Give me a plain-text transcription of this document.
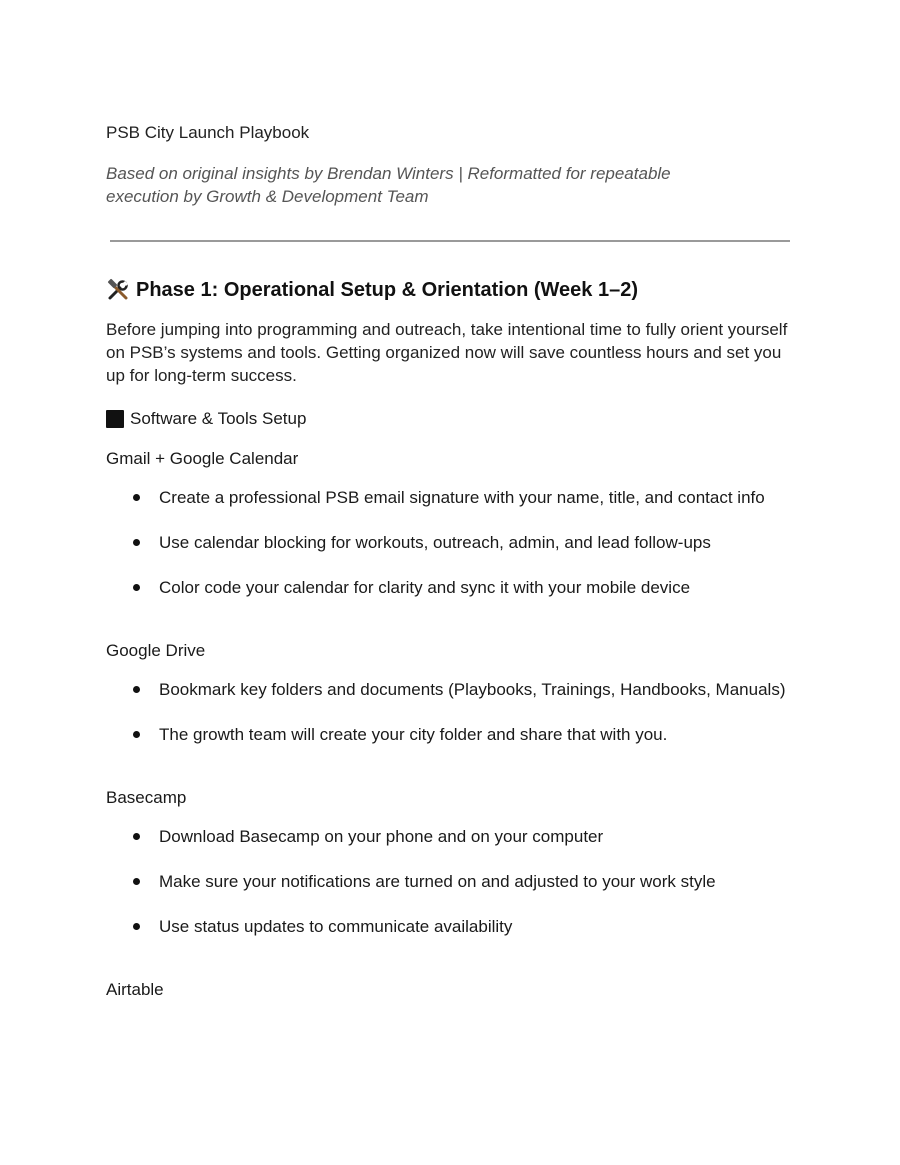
PSB City Launch Playbook
Based on original insights by Brendan Winters | Reformatted for repeatable execution by Growth & Development Team
Phase 1: Operational Setup & Orientation (Week 1–2)
Before jumping into programming and outreach, take intentional time to fully orient yourself on PSB’s systems and tools. Getting organized now will save countless hours and set you up for long-term success.
Software & Tools Setup
Gmail + Google Calendar
Create a professional PSB email signature with your name, title, and contact info
Use calendar blocking for workouts, outreach, admin, and lead follow-ups
Color code your calendar for clarity and sync it with your mobile device
Google Drive
Bookmark key folders and documents (Playbooks, Trainings, Handbooks, Manuals)
The growth team will create your city folder and share that with you.
Basecamp
Download Basecamp on your phone and on your computer
Make sure your notifications are turned on and adjusted to your work style
Use status updates to communicate availability
Airtable
